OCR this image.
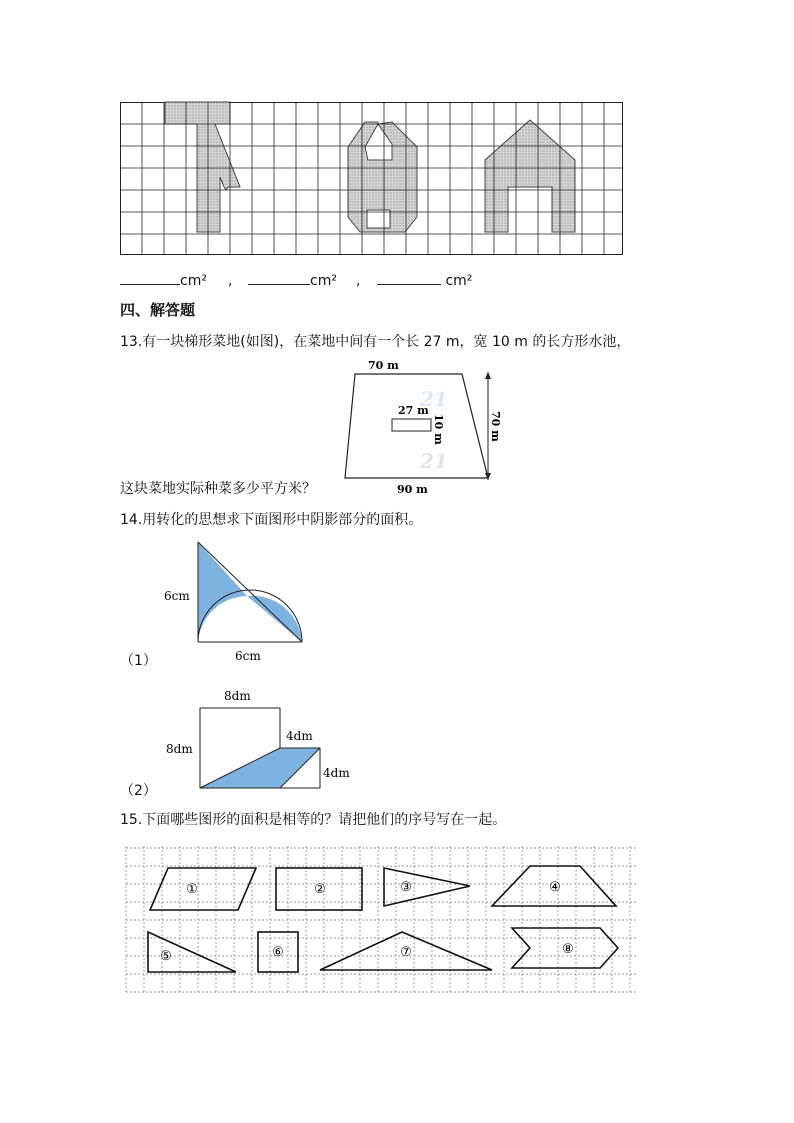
cm² ,	cm² ,	cm²
四、解答题
13.有一块梯形菜地(如图)，在菜地中间有一个长 27 m，宽 10 m 的长方形水池，
70 m
27 m
10 m	70 m
90 m
21
21
这块菜地实际种菜多少平方米？
14.用转化的思想求下面图形中阴影部分的面积。
6cm
6cm
（1）
8dm
8dm
4dm
4dm
（2）
15.下面哪些图形的面积是相等的？请把他们的序号写在一起。
①	②	③	④
⑤	⑥	⑦	⑧
